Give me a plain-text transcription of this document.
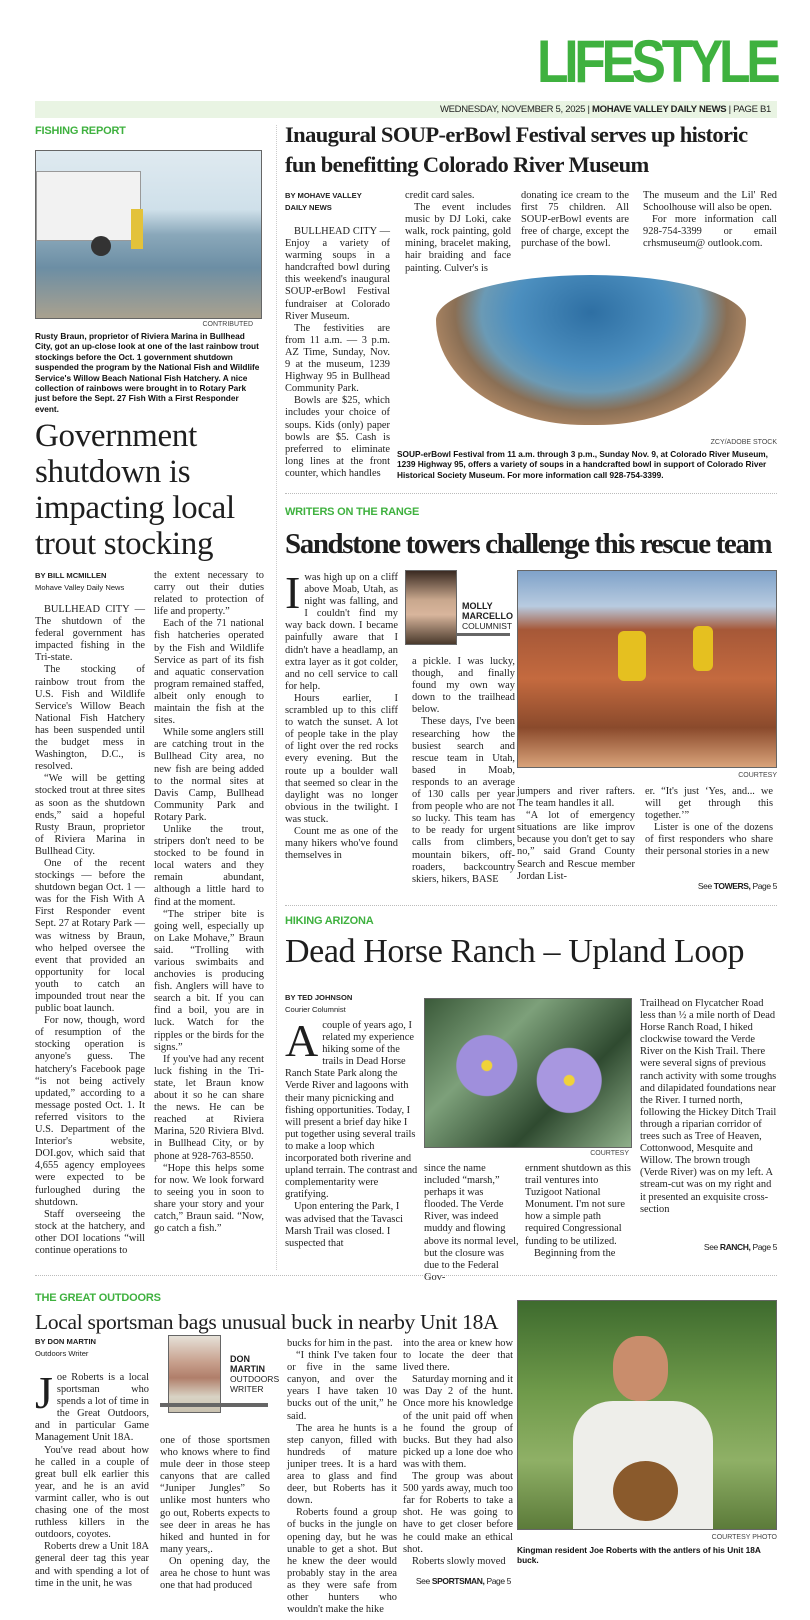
LIFESTYLE
WEDNESDAY, NOVEMBER 5, 2025 | MOHAVE VALLEY DAILY NEWS | PAGE B1
FISHING REPORT
CONTRIBUTED
Rusty Braun, proprietor of Riviera Marina in Bullhead City, got an up-close look at one of the last rainbow trout stockings before the Oct. 1 government shutdown suspended the program by the National Fish and Wildlife Service's Willow Beach National Fish Hatchery. A nice collection of rainbows were brought in to Rotary Park just before the Sept. 27 Fish With a First Responder event.
Government shutdown is impacting local trout stocking
BY BILL MCMILLEN
Mohave Valley Daily News

BULLHEAD CITY — The shutdown of the federal government has impacted fishing in the Tri-state.

The stocking of rainbow trout from the U.S. Fish and Wildlife Service's Willow Beach National Fish Hatchery has been suspended until the budget mess in Washington, D.C., is resolved.

“We will be getting stocked trout at three sites as soon as the shutdown ends,” said a hopeful Rusty Braun, proprietor of Riviera Marina in Bullhead City.

One of the recent stockings — before the shutdown began Oct. 1 — was for the Fish With A First Responder event Sept. 27 at Rotary Park — was witness by Braun, who helped oversee the event that provided an opportunity for local youth to catch an impounded trout near the public boat launch.

For now, though, word of resumption of the stocking operation is anyone's guess. The hatchery's Facebook page “is not being actively updated,” according to a message posted Oct. 1. It referred visitors to the U.S. Department of the Interior's website, DOI.gov, which said that 4,655 agency employees were expected to be furloughed during the shutdown.

Staff overseeing the stock at the hatchery, and other DOI locations “will continue operations to

the extent necessary to carry out their duties related to protection of life and property.”

Each of the 71 national fish hatcheries operated by the Fish and Wildlife Service as part of its fish and aquatic conservation program remained staffed, albeit only enough to maintain the fish at the sites.

While some anglers still are catching trout in the Bullhead City area, no new fish are being added to the normal sites at Davis Camp, Bullhead Community Park and Rotary Park.

Unlike the trout, stripers don't need to be stocked to be found in local waters and they remain abundant, although a little hard to find at the moment.

“The striper bite is going well, especially up on Lake Mohave,” Braun said. “Trolling with various swimbaits and anchovies is producing fish. Anglers will have to search a bit. If you can find a boil, you are in luck. Watch for the ripples or the birds for the signs.”

If you've had any recent luck fishing in the Tri-state, let Braun know about it so he can share the news. He can be reached at Riviera Marina, 520 Riviera Blvd. in Bullhead City, or by phone at 928-763-8550.

“Hope this helps some for now. We look forward to seeing you in soon to share your story and your catch,” Braun said. “Now, go catch a fish.”

Inaugural SOUP-erBowl Festival serves up historic fun benefitting Colorado River Museum
BY MOHAVE VALLEY DAILY NEWS

BULLHEAD CITY — Enjoy a variety of warming soups in a handcrafted bowl during this weekend's inaugural SOUP-erBowl Festival fundraiser at Colorado River Museum.

The festivities are from 11 a.m. — 3 p.m. AZ Time, Sunday, Nov. 9 at the museum, 1239 Highway 95 in Bullhead Community Park.

Bowls are $25, which includes your choice of soups. Kids (only) paper bowls are $5. Cash is preferred to eliminate long lines at the front counter, which handles

credit card sales.

The event includes music by DJ Loki, cake walk, rock painting, gold mining, bracelet making, hair braiding and face painting. Culver's is

donating ice cream to the first 75 children. All SOUP-erBowl events are free of charge, except the purchase of the bowl.

The museum and the Lil' Red Schoolhouse will also be open.

For more information call 928-754-3399 or email crhsmuseum@ outlook.com.

ZCY/ADOBE STOCK
SOUP-erBowl Festival from 11 a.m. through 3 p.m., Sunday Nov. 9, at Colorado River Museum, 1239 Highway 95, offers a variety of soups in a handcrafted bowl in support of Colorado River Historical Society Museum. For more information call 928-754-3399.
WRITERS ON THE RANGE
Sandstone towers challenge this rescue team
I was high up on a cliff above Moab, Utah, as night was falling, and I couldn't find my way back down. I became painfully aware that I didn't have a headlamp, an extra layer as it got colder, and no cell service to call for help.

Hours earlier, I scrambled up to this cliff to watch the sunset. A lot of people take in the play of light over the red rocks every evening. But the route up a boulder wall that seemed so clear in the daylight was no longer obvious in the twilight. I was stuck.

Count me as one of the many hikers who've found themselves in

MOLLY
MARCELLO
COLUMNIST

a pickle. I was lucky, though, and finally found my own way down to the trailhead below.

These days, I've been researching how the busiest search and rescue team in Utah, based in Moab, responds to an average of 130 calls per year from people who are not so lucky. This team has to be ready for urgent calls from climbers, mountain bikers, off-roaders, backcountry skiers, hikers, BASE

COURTESY

jumpers and river rafters. The team handles it all.

“A lot of emergency situations are like improv because you don't get to say no,” said Grand County Search and Rescue member Jordan List-

er. “It's just ‘Yes, and... we will get through this together.’”

Lister is one of the dozens of first responders who share their personal stories in a new

See TOWERS, Page 5
HIKING ARIZONA
Dead Horse Ranch – Upland Loop
BY TED JOHNSON
Courier Columnist
A couple of years ago, I related my experience hiking some of the trails in Dead Horse Ranch State Park along the Verde River and lagoons with their many picnicking and fishing opportunities. Today, I will present a brief day hike I put together using several trails to make a loop which incorporated both riverine and upland terrain. The contrast and complementarity were gratifying.

Upon entering the Park, I was advised that the Tavasci Marsh Trail was closed. I suspected that

COURTESY

since the name included “marsh,” perhaps it was flooded. The Verde River, was indeed muddy and flowing above its normal level, but the closure was due to the Federal Gov-

ernment shutdown as this trail ventures into Tuzigoot National Monument. I'm not sure how a simple path required Congressional funding to be utilized.

Beginning from the

Trailhead on Flycatcher Road less than ½ a mile north of Dead Horse Ranch Road, I hiked clockwise toward the Verde River on the Kish Trail. There were several signs of previous ranch activity with some troughs and dilapidated foundations near the River. I turned north, following the Hickey Ditch Trail through a riparian corridor of trees such as Tree of Heaven, Cottonwood, Mesquite and Willow. The brown trough (Verde River) was on my left. A stream-cut was on my right and it presented an exquisite cross-section

See RANCH, Page 5
THE GREAT OUTDOORS
Local sportsman bags unusual buck in nearby Unit 18A
BY DON MARTIN
Outdoors Writer
J oe Roberts is a local sportsman who spends a lot of time in the Great Outdoors, and in particular Game Management Unit 18A.

You've read about how he called in a couple of great bull elk earlier this year, and he is an avid varmint caller, who is out chasing one of the most ruthless killers in the outdoors, coyotes.

Roberts drew a Unit 18A general deer tag this year and with spending a lot of time in the unit, he was

DON
MARTIN
OUTDOORS
WRITER

one of those sportsmen who knows where to find mule deer in those steep canyons that are called “Juniper Jungles” So unlike most hunters who go out, Roberts expects to see deer in areas he has hiked and hunted in for many years,.

On opening day, the area he chose to hunt was one that had produced

bucks for him in the past.

“I think I've taken four or five in the same canyon, and over the years I have taken 10 bucks out of the unit,” he said.

The area he hunts is a step canyon, filled with hundreds of mature juniper trees. It is a hard area to glass and find deer, but Roberts has it down.

Roberts found a group of bucks in the jungle on opening day, but he was unable to get a shot. But he knew the deer would probably stay in the area as they were safe from other hunters who wouldn't make the hike

into the area or knew how to locate the deer that lived there.

Saturday morning and it was Day 2 of the hunt. Once more his knowledge of the unit paid off when he found the group of bucks. But they had also picked up a lone doe who was with them.

The group was about 500 yards away, much too far for Roberts to take a shot. He was going to have to get closer before he could make an ethical shot.

Roberts slowly moved

See SPORTSMAN, Page 5
COURTESY PHOTO
Kingman resident Joe Roberts with the antlers of his Unit 18A buck.
